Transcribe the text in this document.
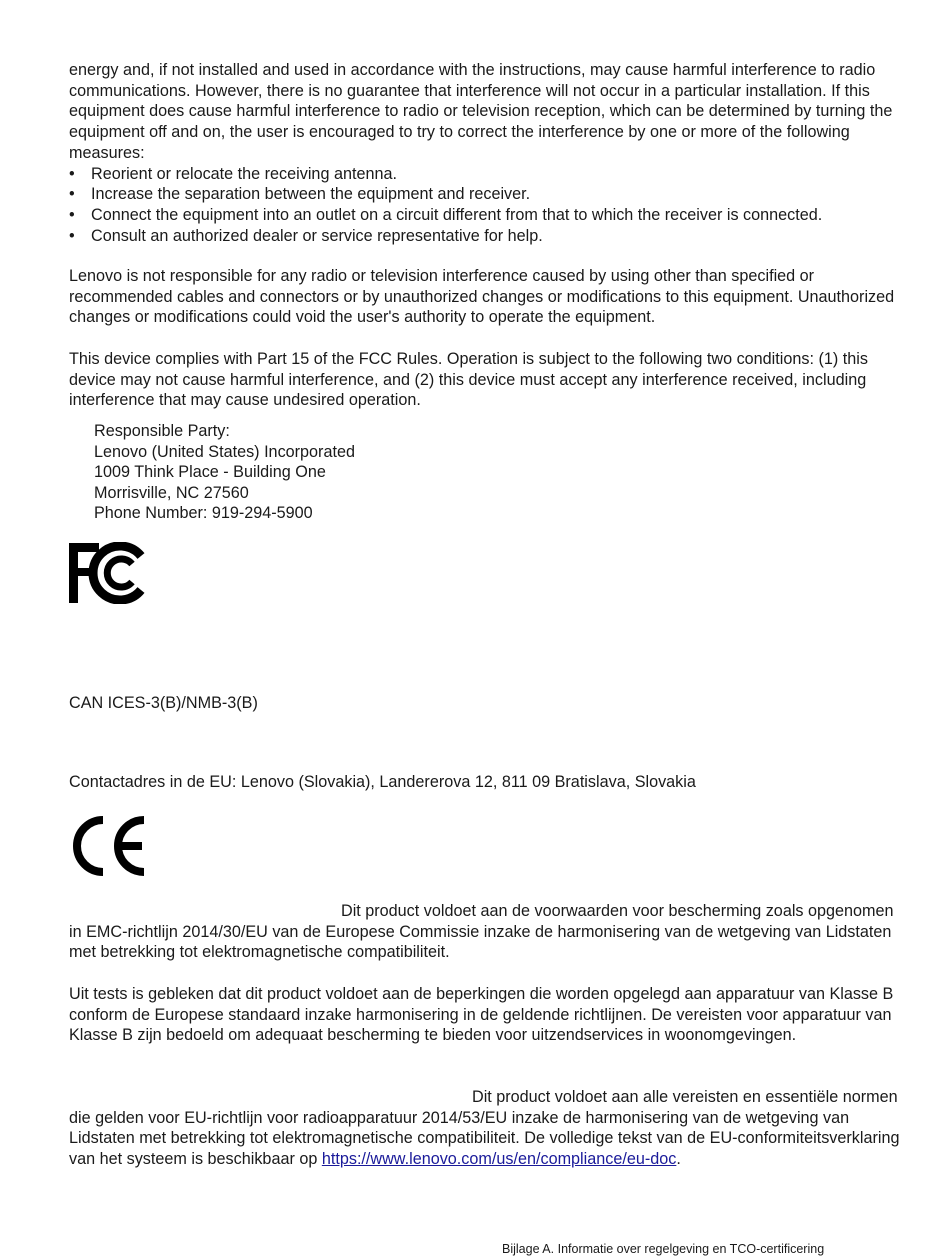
energy and, if not installed and used in accordance with the instructions, may cause harmful interference to radio communications. However, there is no guarantee that interference will not occur in a particular installation. If this equipment does cause harmful interference to radio or television reception, which can be determined by turning the equipment off and on, the user is encouraged to try to correct the interference by one or more of the following measures:

• Reorient or relocate the receiving antenna.
• Increase the separation between the equipment and receiver.
• Connect the equipment into an outlet on a circuit different from that to which the receiver is connected.
• Consult an authorized dealer or service representative for help.

Lenovo is not responsible for any radio or television interference caused by using other than specified or recommended cables and connectors or by unauthorized changes or modifications to this equipment. Unauthorized changes or modifications could void the user's authority to operate the equipment.

This device complies with Part 15 of the FCC Rules. Operation is subject to the following two conditions: (1) this device may not cause harmful interference, and (2) this device must accept any interference received, including interference that may cause undesired operation.

Responsible Party:
Lenovo (United States) Incorporated
1009 Think Place - Building One
Morrisville, NC 27560
Phone Number: 919-294-5900
CAN ICES-3(B)/NMB-3(B)
Contactadres in de EU: Lenovo (Slovakia), Landererova 12, 811 09 Bratislava, Slovakia

Dit product voldoet aan de voorwaarden voor bescherming zoals opgenomen in EMC-richtlijn 2014/30/EU van de Europese Commissie inzake de harmonisering van de wetgeving van Lidstaten met betrekking tot elektromagnetische compatibiliteit.

Uit tests is gebleken dat dit product voldoet aan de beperkingen die worden opgelegd aan apparatuur van Klasse B conform de Europese standaard inzake harmonisering in de geldende richtlijnen. De vereisten voor apparatuur van Klasse B zijn bedoeld om adequaat bescherming te bieden voor uitzendservices in woonomgevingen.

Dit product voldoet aan alle vereisten en essentiële normen die gelden voor EU-richtlijn voor radioapparatuur 2014/53/EU inzake de harmonisering van de wetgeving van Lidstaten met betrekking tot elektromagnetische compatibiliteit. De volledige tekst van de EU-conformiteitsverklaring van het systeem is beschikbaar op https://www.lenovo.com/us/en/compliance/eu-doc.

Bijlage A. Informatie over regelgeving en TCO-certificering
